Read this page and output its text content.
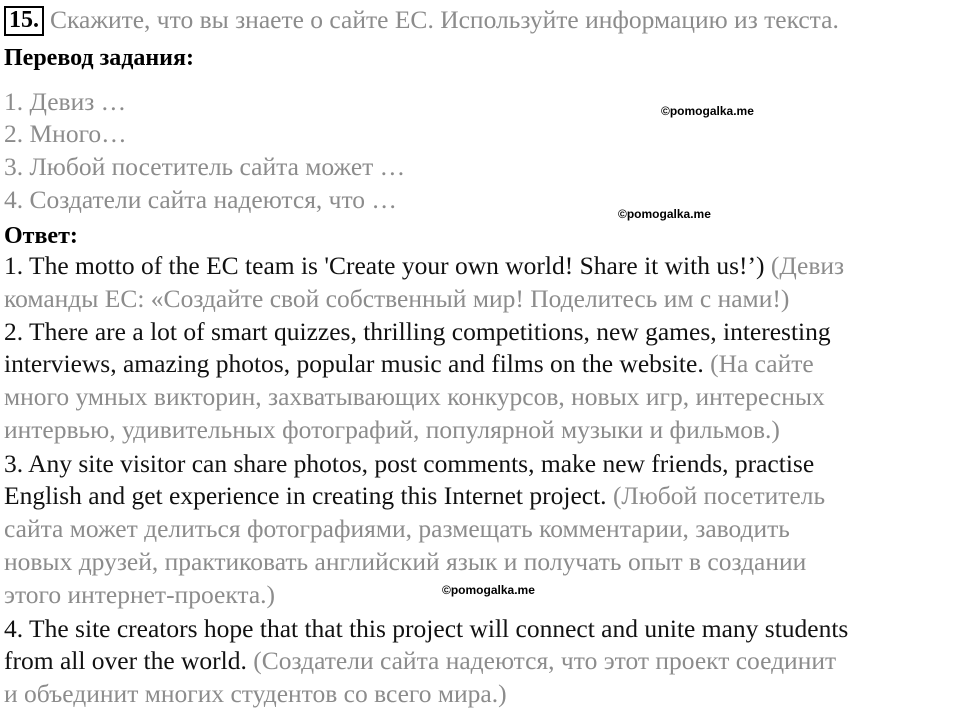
15. Скажите, что вы знаете о сайте ЕС. Используйте информацию из текста.
Перевод задания:
1. Девиз …
2. Много…
3. Любой посетитель сайта может …
4. Создатели сайта надеются, что …
Ответ:
1. The motto of the EC team is 'Create your own world! Share it with us!’) (Девиз
команды ЕС: «Создайте свой собственный мир! Поделитесь им с нами!)
2. There are a lot of smart quizzes, thrilling competitions, new games, interesting
interviews, amazing photos, popular music and films on the website. (На сайте
много умных викторин, захватывающих конкурсов, новых игр, интересных
интервью, удивительных фотографий, популярной музыки и фильмов.)
3. Any site visitor can share photos, post comments, make new friends, practise
English and get experience in creating this Internet project. (Любой посетитель
сайта может делиться фотографиями, размещать комментарии, заводить
новых друзей, практиковать английский язык и получать опыт в создании
этого интернет-проекта.)
4. The site creators hope that that this project will connect and unite many students
from all over the world. (Создатели сайта надеются, что этот проект соединит
и объединит многих студентов со всего мира.)
©pomogalka.me
©pomogalka.me
©pomogalka.me
